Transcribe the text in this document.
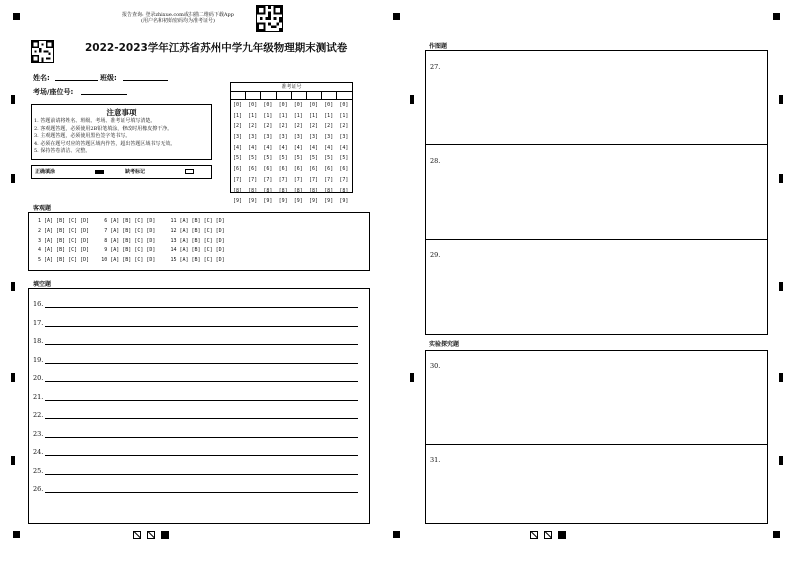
报告查询: 登录zhixue.com或扫描二维码下载App
(用户名和初始密码均为准考证号)
2022-2023学年江苏省苏州中学九年级物理期末测试卷
姓名:	班级:
考场/座位号:
准考证号
[0]
[1]
[2]
[3]
[4]
[5]
[6]
[7]
[8]
[9]
[0]
[1]
[2]
[3]
[4]
[5]
[6]
[7]
[8]
[9]
[0]
[1]
[2]
[3]
[4]
[5]
[6]
[7]
[8]
[9]
[0]
[1]
[2]
[3]
[4]
[5]
[6]
[7]
[8]
[9]
[0]
[1]
[2]
[3]
[4]
[5]
[6]
[7]
[8]
[9]
[0]
[1]
[2]
[3]
[4]
[5]
[6]
[7]
[8]
[9]
[0]
[1]
[2]
[3]
[4]
[5]
[6]
[7]
[8]
[9]
[0]
[1]
[2]
[3]
[4]
[5]
[6]
[7]
[8]
[9]
注意事项
1. 答题前请将姓名、班级、考场、准考证号填写清楚。
2. 客观题答题，必须使用2B铅笔填涂，修改时用橡皮擦干净。
3. 主观题答题，必须使用黑色签字笔书写。
4. 必须在题号对应的答题区域内作答，超出答题区域书写无效。
5. 保持答卷清洁、完整。
正确填涂	缺考标记
客观题
1 [A] [B] [C] [D]     6 [A] [B] [C] [D]     11 [A] [B] [C] [D]
2 [A] [B] [C] [D]     7 [A] [B] [C] [D]     12 [A] [B] [C] [D]
3 [A] [B] [C] [D]     8 [A] [B] [C] [D]     13 [A] [B] [C] [D]
4 [A] [B] [C] [D]     9 [A] [B] [C] [D]     14 [A] [B] [C] [D]
5 [A] [B] [C] [D]    10 [A] [B] [C] [D]     15 [A] [B] [C] [D]
填空题
16.
17.
18.
19.
20.
21.
22.
23.
24.
25.
26.
作图题
27.
28.
29.
实验探究题
30.
31.
